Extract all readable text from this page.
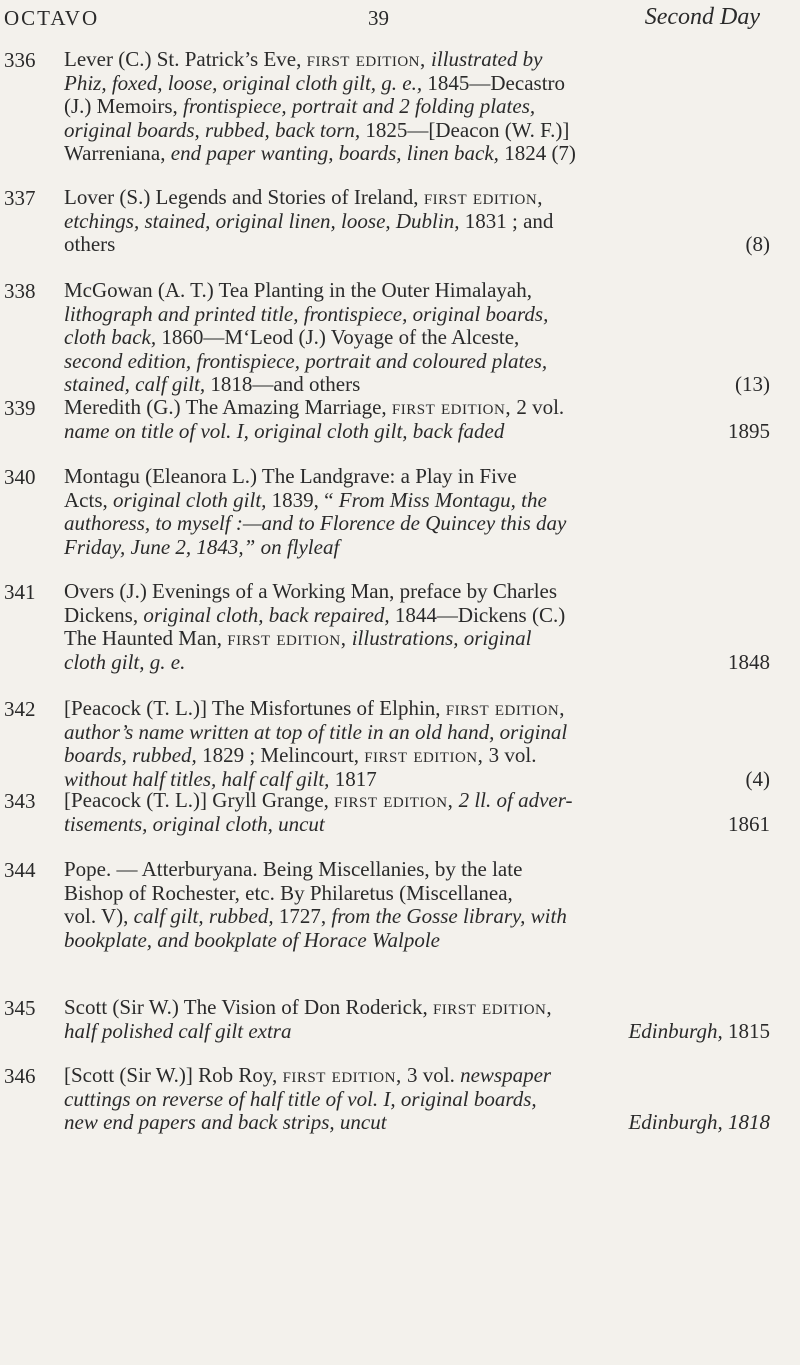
OCTAVO	39	Second Day
336	Lever (C.) St. Patrick’s Eve, first edition, illustrated by
Phiz, foxed, loose, original cloth gilt, g. e., 1845—Decastro
(J.) Memoirs, frontispiece, portrait and 2 folding plates,
original boards, rubbed, back torn, 1825—[Deacon (W. F.)]
Warreniana, end paper wanting, boards, linen back, 1824 (7)
337	Lover (S.) Legends and Stories of Ireland, first edition,
etchings, stained, original linen, loose, Dublin, 1831 ; and
others	(8)
338	McGowan (A. T.) Tea Planting in the Outer Himalayah,
lithograph and printed title, frontispiece, original boards,
cloth back, 1860—M‘Leod (J.) Voyage of the Alceste,
second edition, frontispiece, portrait and coloured plates,
stained, calf gilt, 1818—and others	(13)
339	Meredith (G.) The Amazing Marriage, first edition, 2 vol.
name on title of vol. I, original cloth gilt, back faded	1895
340	Montagu (Eleanora L.) The Landgrave: a Play in Five
Acts, original cloth gilt, 1839, “ From Miss Montagu, the
authoress, to myself :—and to Florence de Quincey this day
Friday, June 2, 1843,” on flyleaf
341	Overs (J.) Evenings of a Working Man, preface by Charles
Dickens, original cloth, back repaired, 1844—Dickens (C.)
The Haunted Man, first edition, illustrations, original
cloth gilt, g. e.	1848
342	[Peacock (T. L.)] The Misfortunes of Elphin, first edition,
author’s name written at top of title in an old hand, original
boards, rubbed, 1829 ; Melincourt, first edition, 3 vol.
without half titles, half calf gilt, 1817	(4)
343	[Peacock (T. L.)] Gryll Grange, first edition, 2 ll. of adver-
tisements, original cloth, uncut	1861
344	Pope. — Atterburyana. Being Miscellanies, by the late
Bishop of Rochester, etc. By Philaretus (Miscellanea,
vol. V), calf gilt, rubbed, 1727, from the Gosse library, with
bookplate, and bookplate of Horace Walpole
345	Scott (Sir W.) The Vision of Don Roderick, first edition,
half polished calf gilt extra	Edinburgh, 1815
346	[Scott (Sir W.)] Rob Roy, first edition, 3 vol. newspaper
cuttings on reverse of half title of vol. I, original boards,
new end papers and back strips, uncut	Edinburgh, 1818
